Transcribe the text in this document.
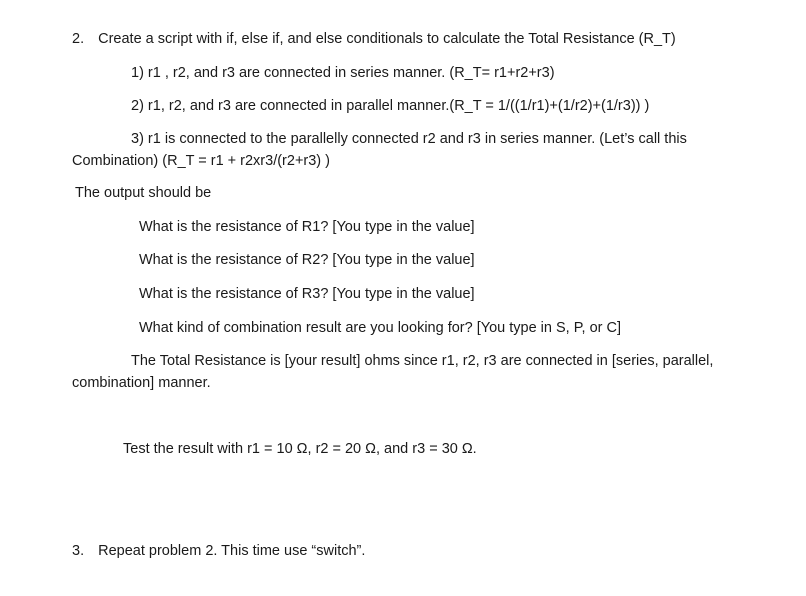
2. Create a script with if, else if, and else conditionals to calculate the Total Resistance (R_T)
1) r1 , r2, and r3 are connected in series manner. (R_T= r1+r2+r3)
2) r1, r2, and r3 are connected in parallel manner.(R_T = 1/((1/r1)+(1/r2)+(1/r3)) )
3) r1 is connected to the parallelly connected r2 and r3 in series manner. (Let’s call this
Combination) (R_T = r1 + r2xr3/(r2+r3) )
The output should be
What is the resistance of R1? [You type in the value]
What is the resistance of R2? [You type in the value]
What is the resistance of R3? [You type in the value]
What kind of combination result are you looking for? [You type in S, P, or C]
The Total Resistance is [your result] ohms since r1, r2, r3 are connected in [series, parallel,
combination] manner.
Test the result with r1 = 10 Ω, r2 = 20 Ω, and r3 = 30 Ω.
3. Repeat problem 2. This time use “switch”.
